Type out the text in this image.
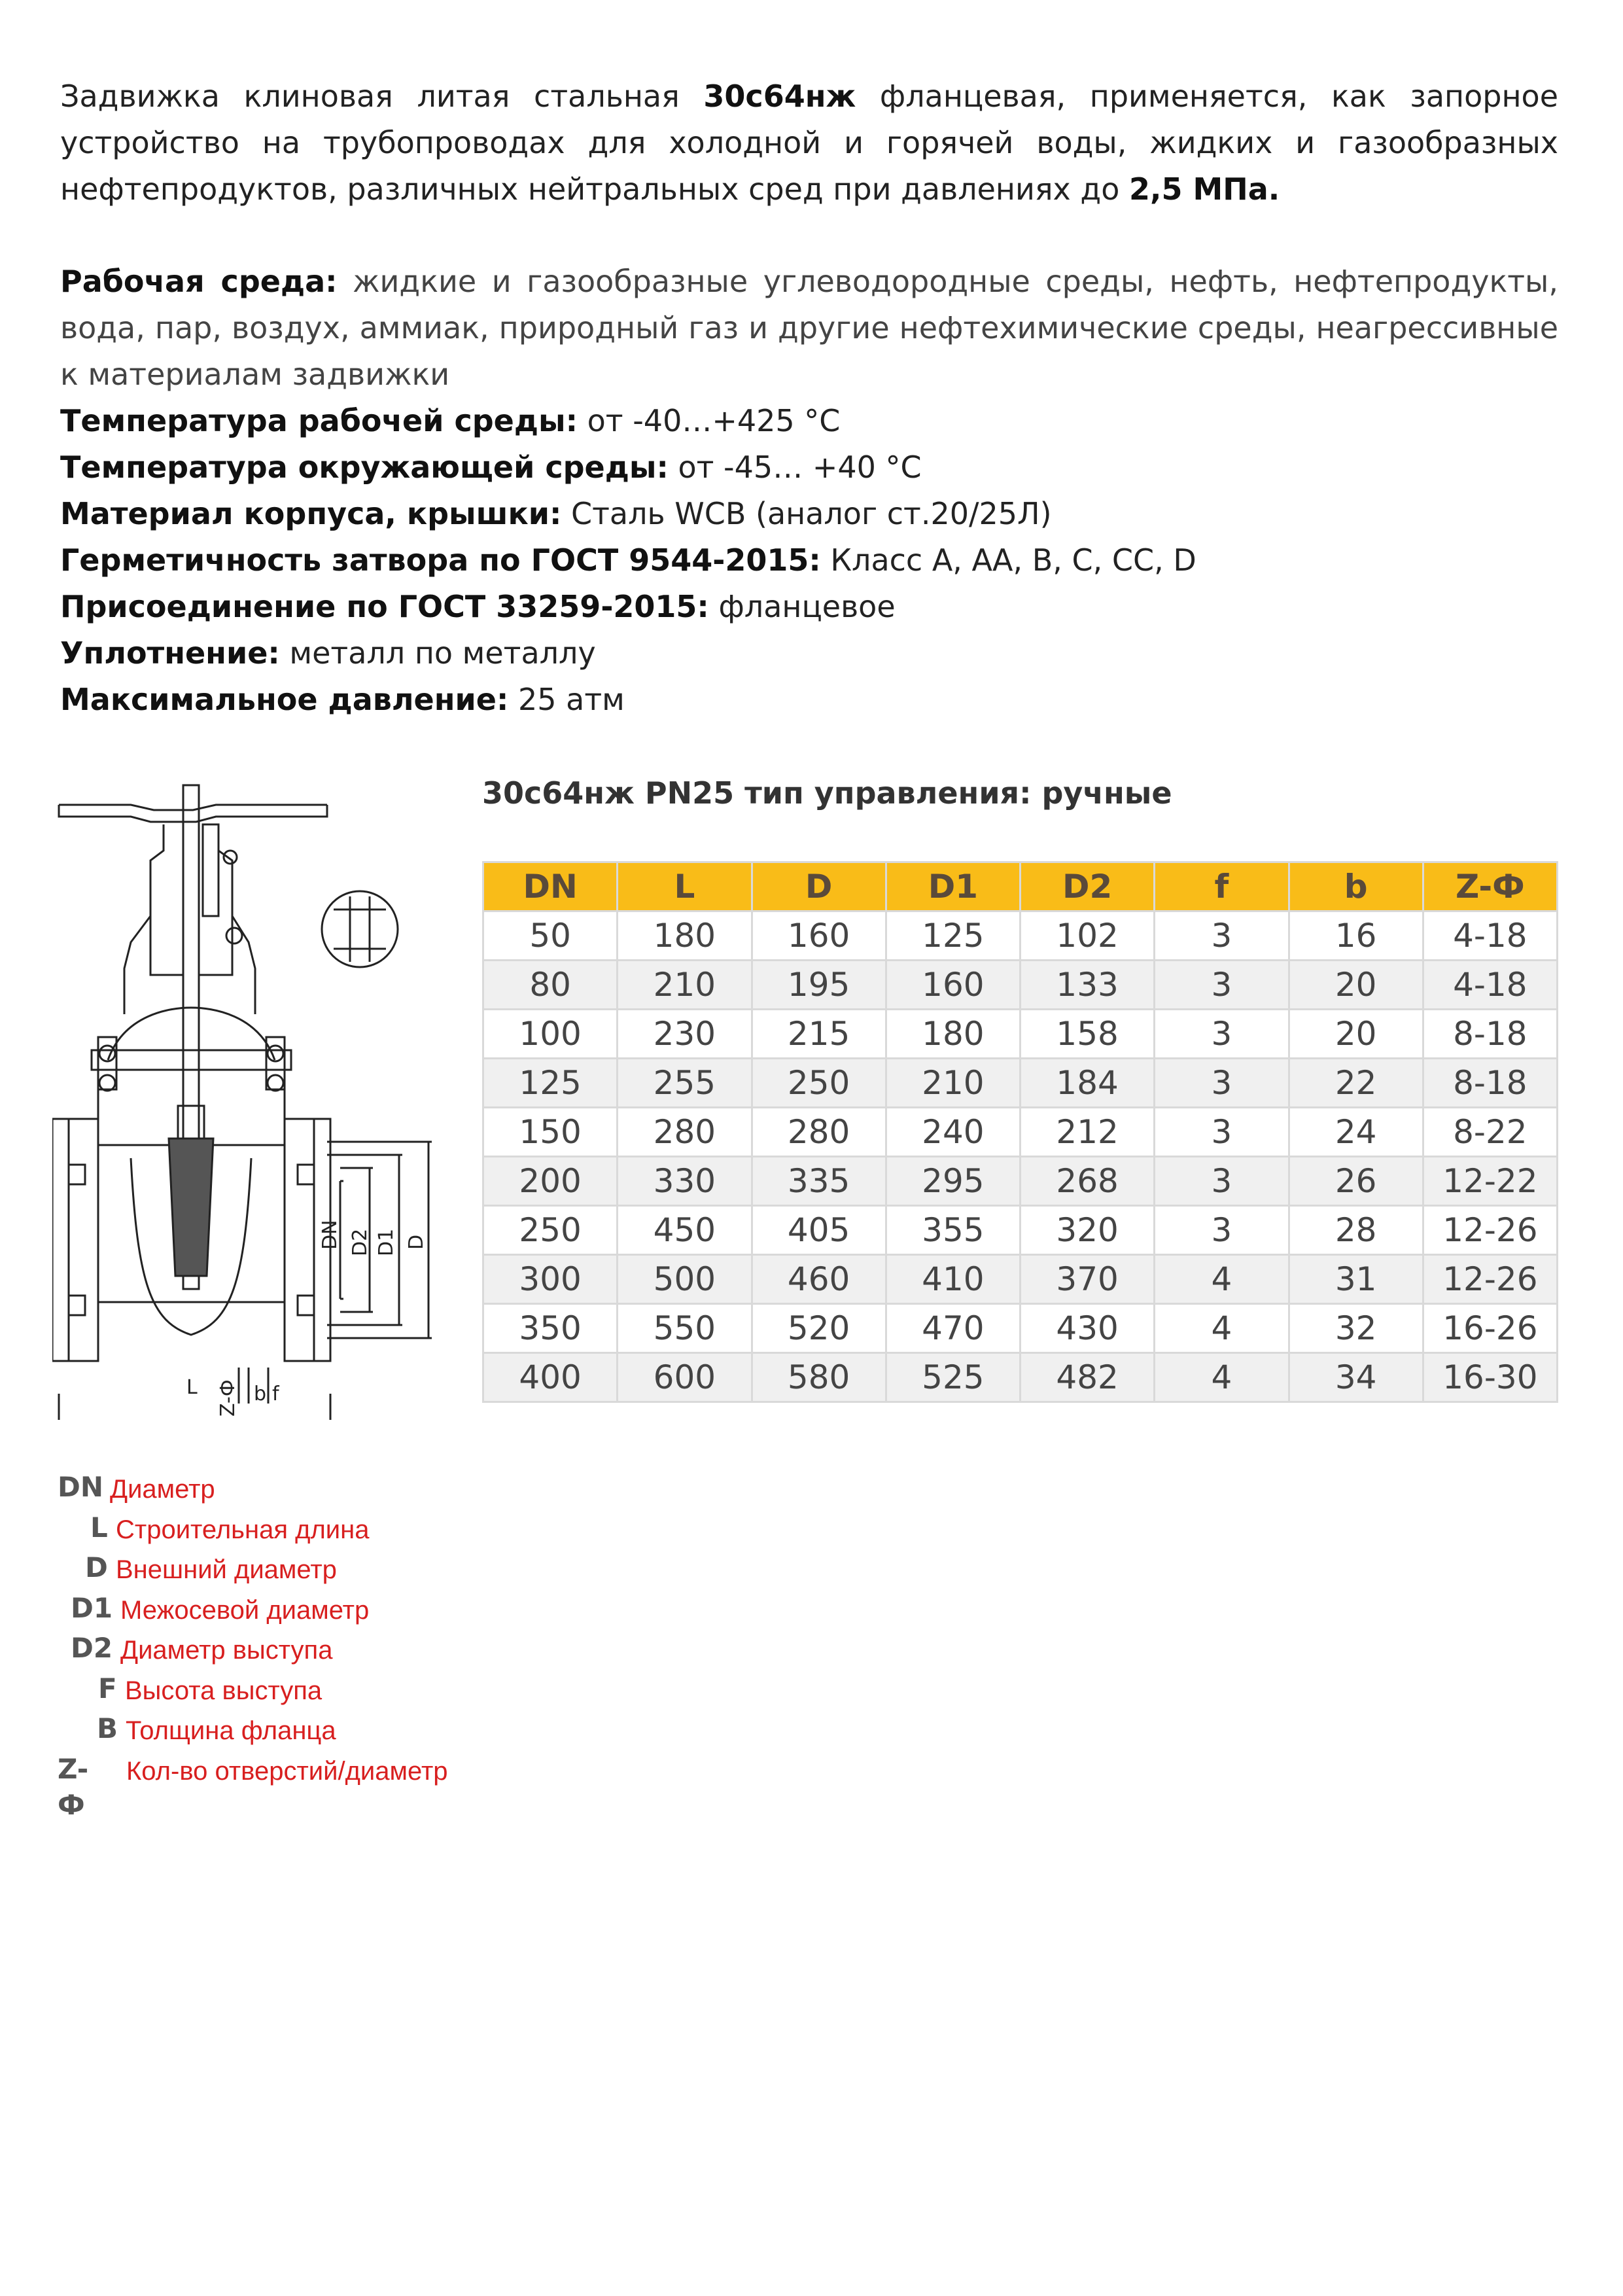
Задвижка клиновая литая стальная 30с64нж фланцевая, применяется, как запорное устройство на трубопроводах для холодной и горячей воды, жидких и газообразных нефтепродуктов, различных нейтральных сред при давлениях до 2,5 МПа.
Рабочая среда: жидкие и газообразные углеводородные среды, нефть, нефтепродукты, вода, пар, воздух, аммиак, природный газ и другие нефтехимические среды, неагрессивные к материалам задвижки
Температура рабочей среды: от -40…+425 °С
Температура окружающей среды: от -45… +40 °С
Материал корпуса, крышки: Сталь WCB (аналог ст.20/25Л)
Герметичность затвора по ГОСТ 9544-2015: Класс А, АА, В, С, СС, D
Присоединение по ГОСТ 33259-2015: фланцевое
Уплотнение: металл по металлу
Максимальное давление: 25 атм
DN D2 D1 D
Z-Ф b f
L
30с64нж PN25 тип управления: ручные
DN	L	D	D1	D2	f	b	Z-Ф
50	180	160	125	102	3	16	4-18
80	210	195	160	133	3	20	4-18
100	230	215	180	158	3	20	8-18
125	255	250	210	184	3	22	8-18
150	280	280	240	212	3	24	8-22
200	330	335	295	268	3	26	12-22
250	450	405	355	320	3	28	12-26
300	500	460	410	370	4	31	12-26
350	550	520	470	430	4	32	16-26
400	600	580	525	482	4	34	16-30
DN Диаметр
L Строительная длина
D Внешний диаметр
D1 Межосевой диаметр
D2 Диаметр выступа
F Высота выступа
B Толщина фланца
Z-Ф
Кол-во отверстий/диаметр
